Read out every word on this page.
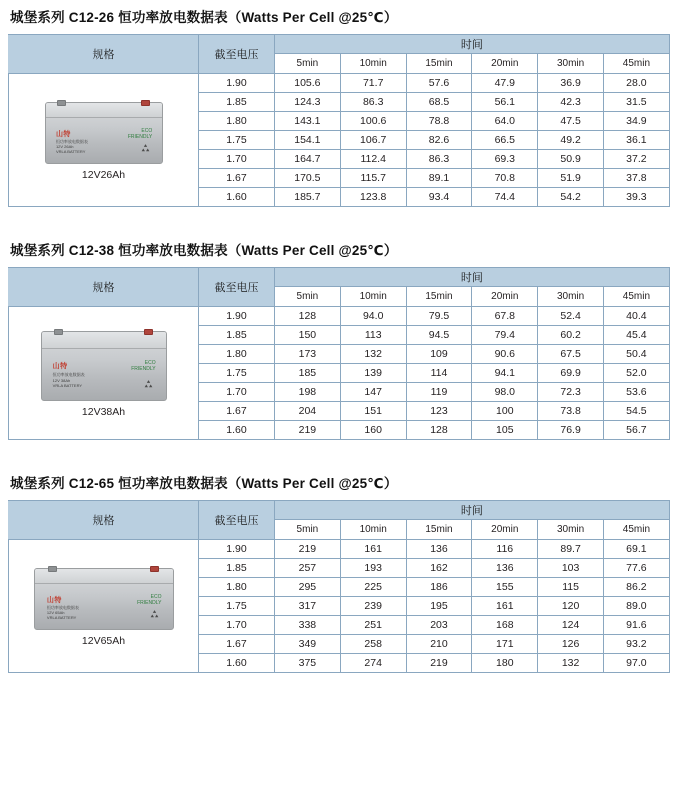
城堡系列 C12-26 恒功率放电数据表（Watts Per Cell @25℃）
规格	截至电压	时间					
		5min	10min	15min	20min	30min	45min

山特
恒功率放电数据表
12V 26Ah
VRLA BATTERY
ECO
FRIENDLY
12V26Ah
	1.90	105.6	71.7	57.6	47.9	36.9	28.0
	1.85	124.3	86.3	68.5	56.1	42.3	31.5
	1.80	143.1	100.6	78.8	64.0	47.5	34.9
	1.75	154.1	106.7	82.6	66.5	49.2	36.1
	1.70	164.7	112.4	86.3	69.3	50.9	37.2
	1.67	170.5	115.7	89.1	70.8	51.9	37.8
	1.60	185.7	123.8	93.4	74.4	54.2	39.3
城堡系列 C12-38 恒功率放电数据表（Watts Per Cell @25℃）
规格	截至电压	时间					
		5min	10min	15min	20min	30min	45min

山特
恒功率放电数据表
12V 38Ah
VRLA BATTERY
ECO
FRIENDLY
12V38Ah
	1.90	128	94.0	79.5	67.8	52.4	40.4
	1.85	150	113	94.5	79.4	60.2	45.4
	1.80	173	132	109	90.6	67.5	50.4
	1.75	185	139	114	94.1	69.9	52.0
	1.70	198	147	119	98.0	72.3	53.6
	1.67	204	151	123	100	73.8	54.5
	1.60	219	160	128	105	76.9	56.7
城堡系列 C12-65 恒功率放电数据表（Watts Per Cell @25℃）
规格	截至电压	时间					
		5min	10min	15min	20min	30min	45min

山特
恒功率放电数据表
12V 65Ah
VRLA BATTERY
ECO
FRIENDLY
12V65Ah
	1.90	219	161	136	116	89.7	69.1
	1.85	257	193	162	136	103	77.6
	1.80	295	225	186	155	115	86.2
	1.75	317	239	195	161	120	89.0
	1.70	338	251	203	168	124	91.6
	1.67	349	258	210	171	126	93.2
	1.60	375	274	219	180	132	97.0
